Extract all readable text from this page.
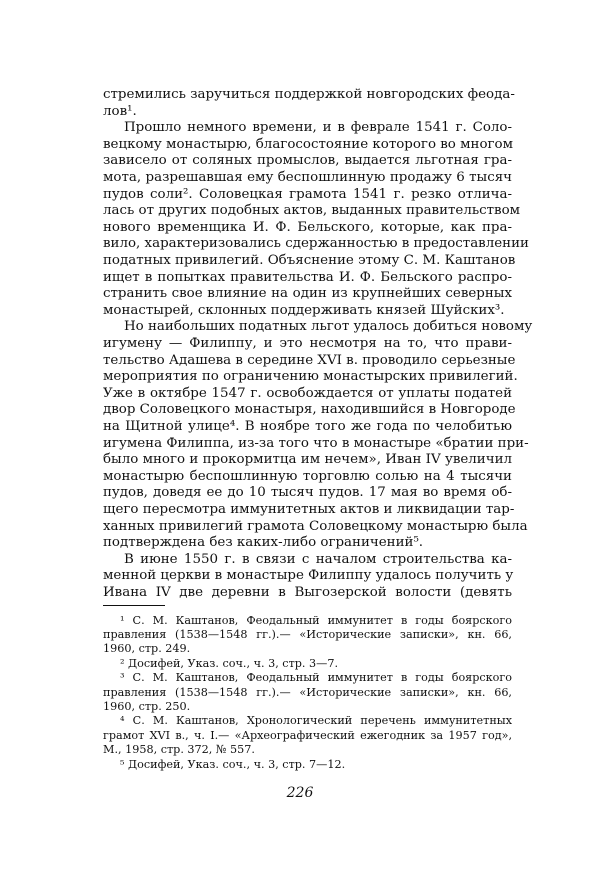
стремились заручиться поддержкой новгородских феода-
лов¹.
Прошло немного времени, и в феврале 1541 г. Соло-
вецкому монастырю, благосостояние которого во многом
зависело от соляных промыслов, выдается льготная гра-
мота, разрешавшая ему беспошлинную продажу 6 тысяч
пудов соли². Соловецкая грамота 1541 г. резко отлича-
лась от других подобных актов, выданных правительством
нового временщика И. Ф. Бельского, которые, как пра-
вило, характеризовались сдержанностью в предоставлении
податных привилегий. Объяснение этому С. М. Каштанов
ищет в попытках правительства И. Ф. Бельского распро-
странить свое влияние на один из крупнейших северных
монастырей, склонных поддерживать князей Шуйских³.
Но наибольших податных льгот удалось добиться новому
игумену — Филиппу, и это несмотря на то, что прави-
тельство Адашева в середине XVI в. проводило серьезные
мероприятия по ограничению монастырских привилегий.
Уже в октябре 1547 г. освобождается от уплаты податей
двор Соловецкого монастыря, находившийся в Новгороде
на Щитной улице⁴. В ноябре того же года по челобитью
игумена Филиппа, из-за того что в монастыре «братии при-
было много и прокормитца им нечем», Иван IV увеличил
монастырю беспошлинную торговлю солью на 4 тысячи
пудов, доведя ее до 10 тысяч пудов. 17 мая во время об-
щего пересмотра иммунитетных актов и ликвидации тар-
ханных привилегий грамота Соловецкому монастырю была
подтверждена без каких-либо ограничений⁵.
В июне 1550 г. в связи с началом строительства ка-
менной церкви в монастыре Филиппу удалось получить у
Ивана IV две деревни в Выгозерской волости (девять
¹ С. М. Каштанов, Феодальный иммунитет в годы боярского
правления (1538—1548 гг.).— «Исторические записки», кн. 66,
1960, стр. 249.
² Досифей, Указ. соч., ч. 3, стр. 3—7.
³ С. М. Каштанов, Феодальный иммунитет в годы боярского
правления (1538—1548 гг.).— «Исторические записки», кн. 66,
1960, стр. 250.
⁴ С. М. Каштанов, Хронологический перечень иммунитетных
грамот XVI в., ч. I.— «Археографический ежегодник за 1957 год»,
М., 1958, стр. 372, № 557.
⁵ Досифей, Указ. соч., ч. 3, стр. 7—12.
226
